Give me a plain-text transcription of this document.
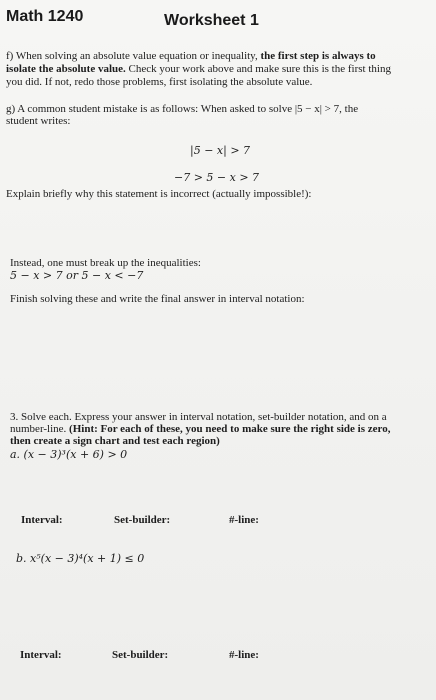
Math 1240	Worksheet 1
f) When solving an absolute value equation or inequality, the first step is always to
isolate the absolute value. Check your work above and make sure this is the first thing
you did. If not, redo those problems, first isolating the absolute value.
g) A common student mistake is as follows: When asked to solve |5 − x| > 7, the
student writes:
|5 − x| > 7
−7 > 5 − x > 7
Explain briefly why this statement is incorrect (actually impossible!):
Instead, one must break up the inequalities:
5 − x > 7 or 5 − x < −7
Finish solving these and write the final answer in interval notation:
3. Solve each. Express your answer in interval notation, set-builder notation, and on a
number-line. (Hint: For each of these, you need to make sure the right side is zero,
then create a sign chart and test each region)
a. (x − 3)³(x + 6) > 0
Interval:	Set-builder:	#-line:
b. x⁵(x − 3)⁴(x + 1) ≤ 0
Interval:	Set-builder:	#-line:
